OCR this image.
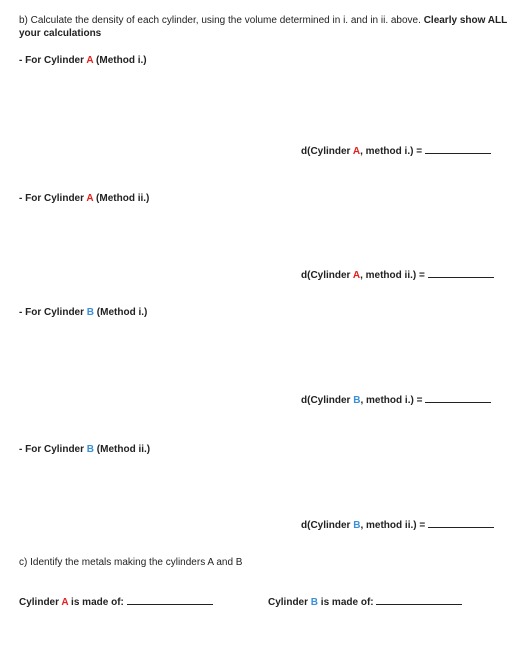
b) Calculate the density of each cylinder, using the volume determined in i. and in ii. above. Clearly show ALL your calculations
- For Cylinder A (Method i.)
d(Cylinder A, method i.) =
- For Cylinder A (Method ii.)
d(Cylinder A, method ii.) =
- For Cylinder B (Method i.)
d(Cylinder B, method i.) =
- For Cylinder B (Method ii.)
d(Cylinder B, method ii.) =
c) Identify the metals making the cylinders A and B
Cylinder A is made of:	Cylinder B is made of:
